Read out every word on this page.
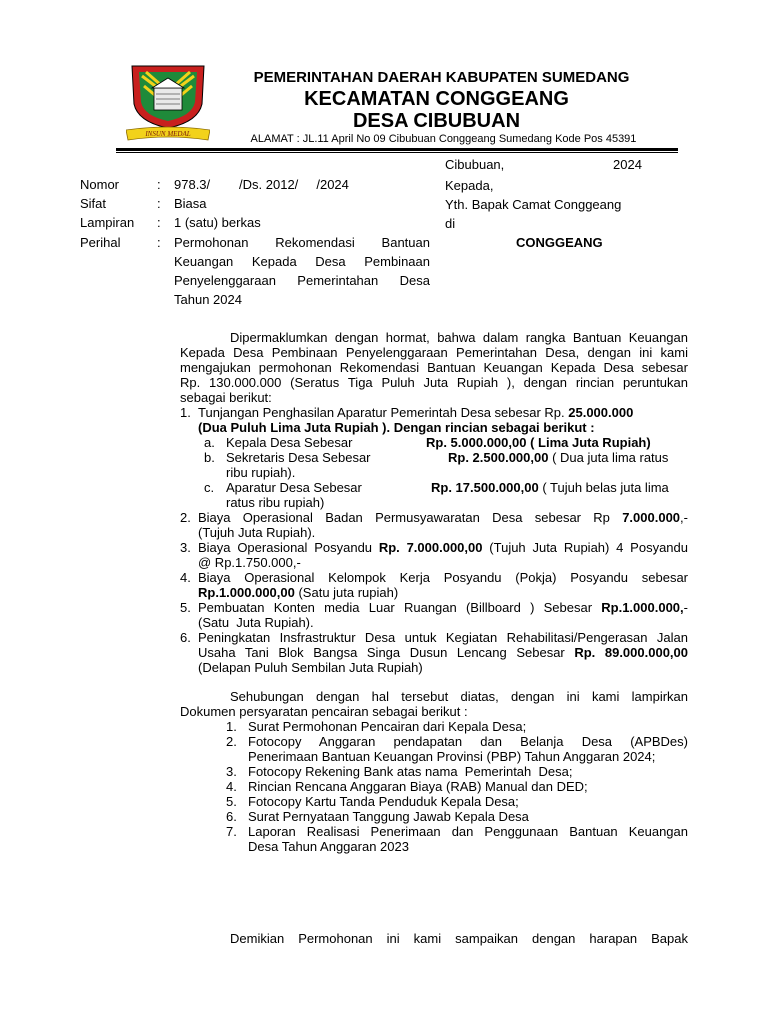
INSUN MEDAL
PEMERINTAHAN DAERAH KABUPATEN SUMEDANG
KECAMATAN CONGGEANG
DESA CIBUBUAN
ALAMAT : JL.11 April No 09 Cibubuan Conggeang Sumedang Kode Pos 45391
Cibubuan,	2024
Kepada,
Yth. Bapak Camat Conggeang
di
CONGGEANG
Nomor	: 978.3/        /Ds. 2012/     /2024
Sifat	: Biasa
Lampiran : 1 (satu) berkas
Perihal	: Permohonan Rekomendasi Bantuan
Keuangan Kepada Desa Pembinaan
Penyelenggaraan Pemerintahan Desa
Tahun 2024
Dipermaklumkan dengan hormat, bahwa dalam rangka Bantuan Keuangan
Kepada Desa Pembinaan Penyelenggaraan Pemerintahan Desa, dengan ini kami
mengajukan permohonan Rekomendasi Bantuan Keuangan Kepada Desa sebesar
Rp. 130.000.000 (Seratus Tiga Puluh Juta Rupiah ), dengan rincian peruntukan
sebagai berikut:
1. Tunjangan Penghasilan Aparatur Pemerintah Desa sebesar Rp. 25.000.000
(Dua Puluh Lima Juta Rupiah ). Dengan rincian sebagai berikut :
a. Kepala Desa Sebesar	Rp. 5.000.000,00 ( Lima Juta Rupiah)
b. Sekretaris Desa Sebesar	Rp. 2.500.000,00 ( Dua juta lima ratus
ribu rupiah).
c. Aparatur Desa Sebesar	Rp. 17.500.000,00 ( Tujuh belas juta lima
ratus ribu rupiah)
2. Biaya Operasional Badan Permusyawaratan Desa sebesar Rp 7.000.000,-
(Tujuh Juta Rupiah).
3. Biaya Operasional Posyandu Rp. 7.000.000,00 (Tujuh Juta Rupiah) 4 Posyandu
@ Rp.1.750.000,-
4. Biaya Operasional Kelompok Kerja Posyandu (Pokja) Posyandu sebesar
Rp.1.000.000,00 (Satu juta rupiah)
5. Pembuatan Konten media Luar Ruangan (Billboard ) Sebesar Rp.1.000.000,-
(Satu  Juta Rupiah).
6. Peningkatan Insfrastruktur Desa untuk Kegiatan Rehabilitasi/Pengerasan Jalan
Usaha Tani Blok Bangsa Singa Dusun Lencang Sebesar Rp. 89.000.000,00
(Delapan Puluh Sembilan Juta Rupiah)
Sehubungan dengan hal tersebut diatas, dengan ini kami lampirkan
Dokumen persyaratan pencairan sebagai berikut :
1. Surat Permohonan Pencairan dari Kepala Desa;
2. Fotocopy Anggaran pendapatan dan Belanja Desa (APBDes)
Penerimaan Bantuan Keuangan Provinsi (PBP) Tahun Anggaran 2024;
3. Fotocopy Rekening Bank atas nama  Pemerintah  Desa;
4. Rincian Rencana Anggaran Biaya (RAB) Manual dan DED;
5. Fotocopy Kartu Tanda Penduduk Kepala Desa;
6. Surat Pernyataan Tanggung Jawab Kepala Desa
7. Laporan Realisasi Penerimaan dan Penggunaan Bantuan Keuangan
Desa Tahun Anggaran 2023
Demikian Permohonan ini kami sampaikan dengan harapan Bapak
